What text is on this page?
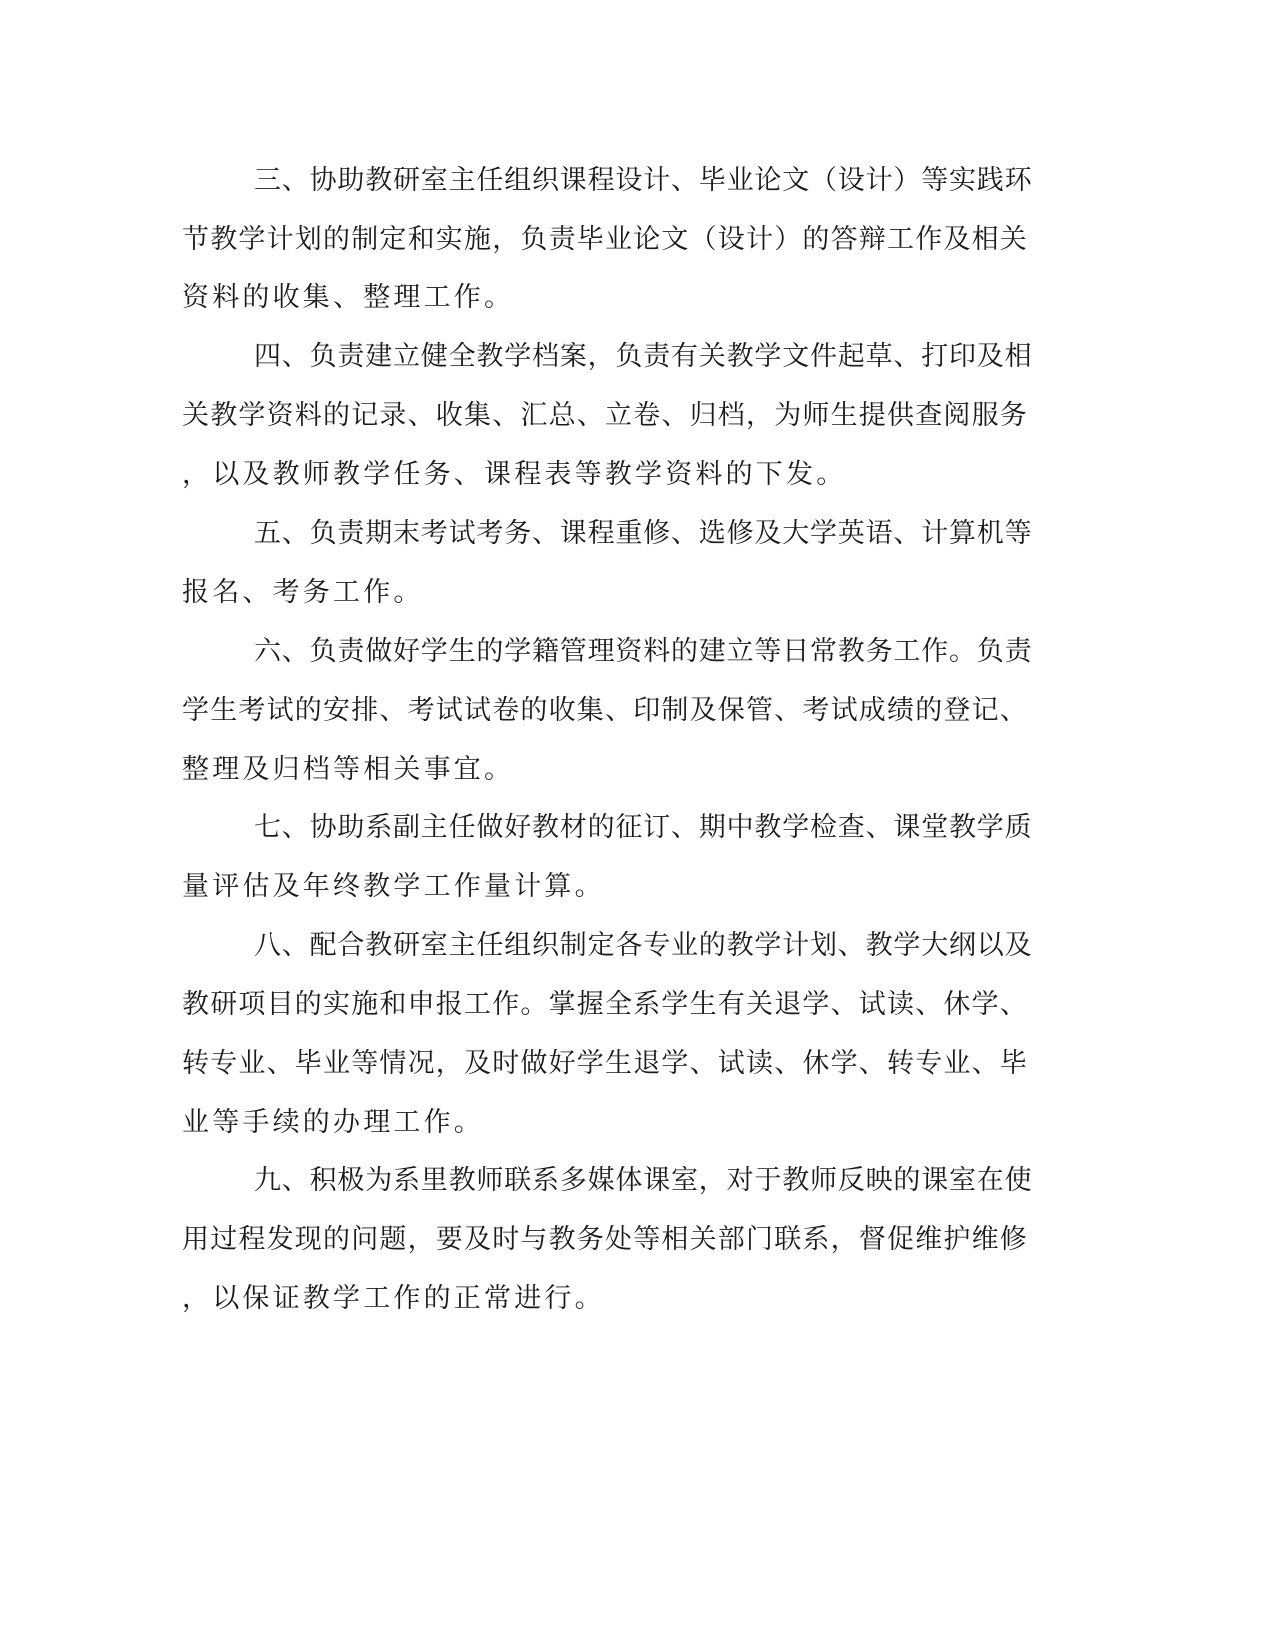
三、协助教研室主任组织课程设计、毕业论文（设计）等实践环
节教学计划的制定和实施，负责毕业论文（设计）的答辩工作及相关
资料的收集、整理工作。
四、负责建立健全教学档案，负责有关教学文件起草、打印及相
关教学资料的记录、收集、汇总、立卷、归档，为师生提供查阅服务
，以及教师教学任务、课程表等教学资料的下发。
五、负责期末考试考务、课程重修、选修及大学英语、计算机等
报名、考务工作。
六、负责做好学生的学籍管理资料的建立等日常教务工作。负责
学生考试的安排、考试试卷的收集、印制及保管、考试成绩的登记、
整理及归档等相关事宜。
七、协助系副主任做好教材的征订、期中教学检查、课堂教学质
量评估及年终教学工作量计算。
八、配合教研室主任组织制定各专业的教学计划、教学大纲以及
教研项目的实施和申报工作。掌握全系学生有关退学、试读、休学、
转专业、毕业等情况，及时做好学生退学、试读、休学、转专业、毕
业等手续的办理工作。
九、积极为系里教师联系多媒体课室，对于教师反映的课室在使
用过程发现的问题，要及时与教务处等相关部门联系，督促维护维修
，以保证教学工作的正常进行。
